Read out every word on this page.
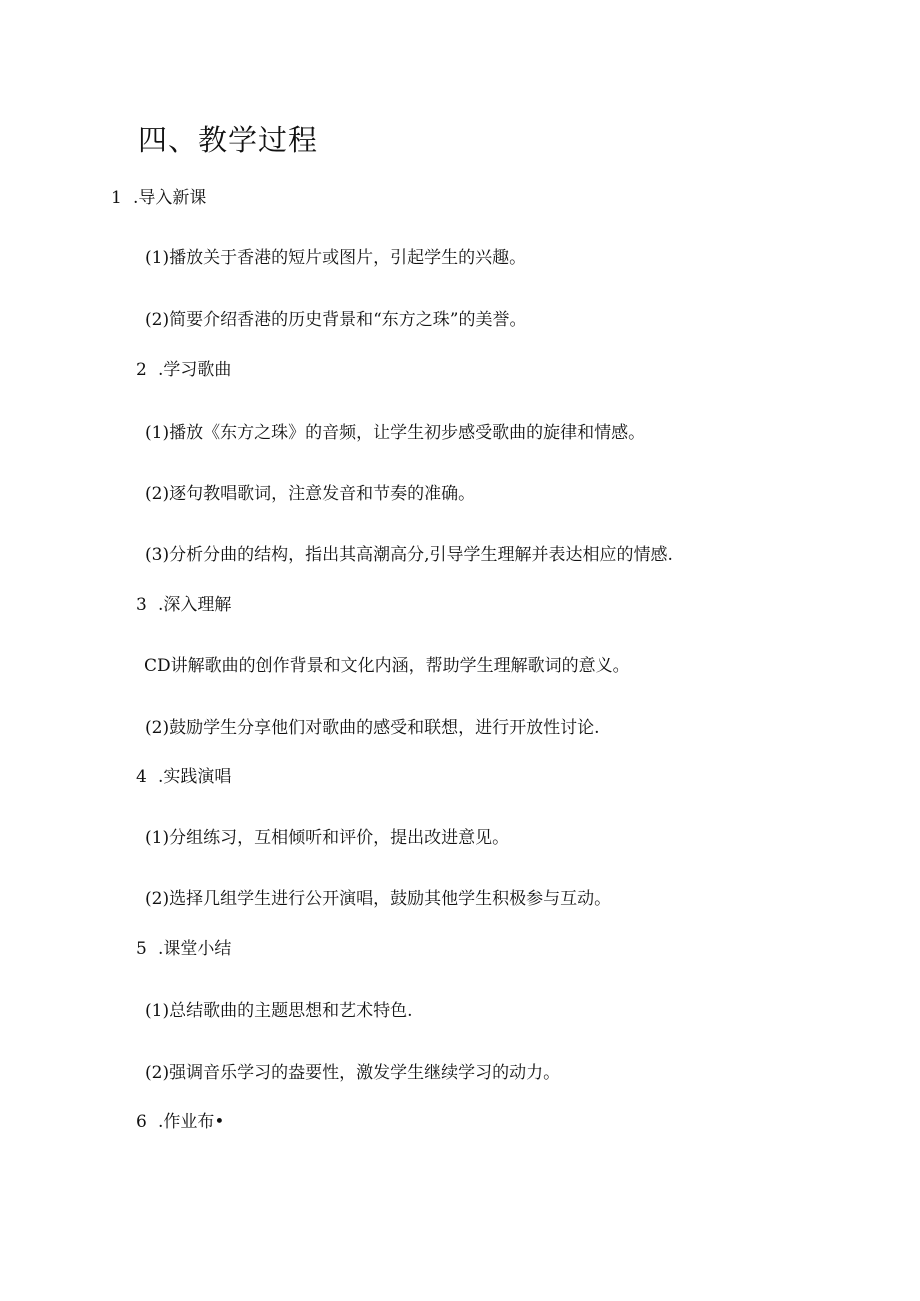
四、教学过程
1 .导入新课
(1)播放关于香港的短片或图片，引起学生的兴趣。
(2)简要介绍香港的历史背景和“东方之珠”的美誉。
2 .学习歌曲
(1)播放《东方之珠》的音频，让学生初步感受歌曲的旋律和情感。
(2)逐句教唱歌词，注意发音和节奏的准确。
(3)分析分曲的结构，指出其高潮高分,引导学生理解并表达相应的情感.
3 .深入理解
CD讲解歌曲的创作背景和文化内涵，帮助学生理解歌词的意义。
(2)鼓励学生分享他们对歌曲的感受和联想，进行开放性讨论.
4 .实践演唱
(1)分组练习，互相倾听和评价，提出改进意见。
(2)选择几组学生进行公开演唱，鼓励其他学生积极参与互动。
5 .课堂小结
(1)总结歌曲的主题思想和艺术特色.
(2)强调音乐学习的盎要性，激发学生继续学习的动力。
6 .作业布•
